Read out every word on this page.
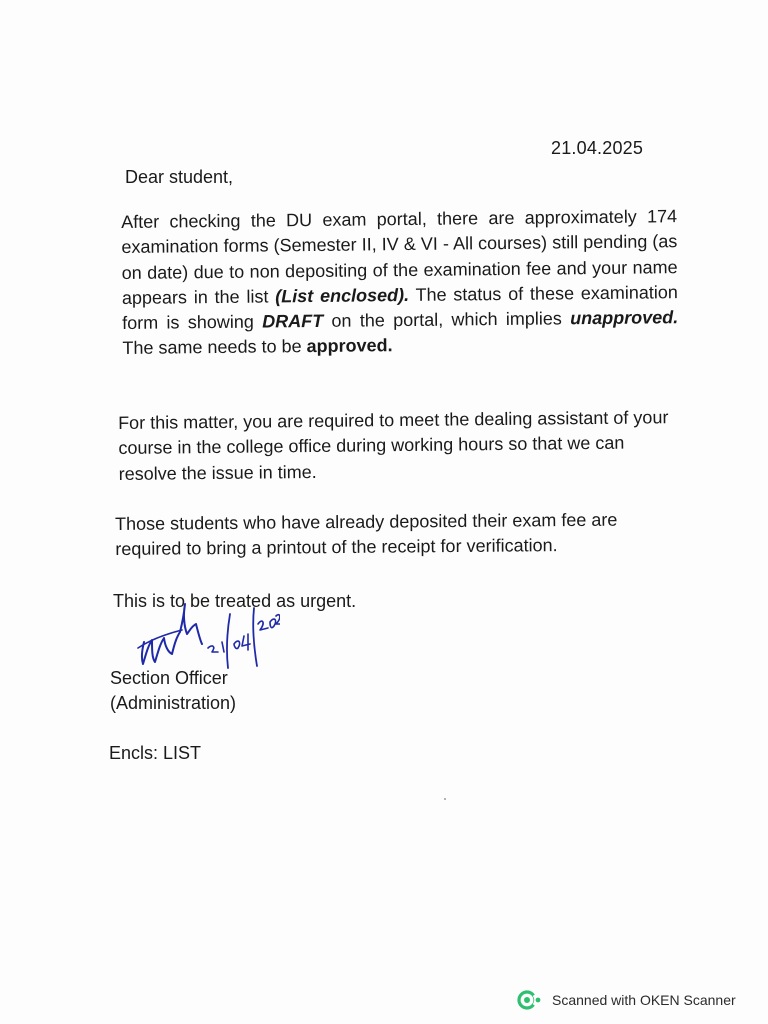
21.04.2025
Dear student,
After checking the DU exam portal, there are approximately 174 examination forms (Semester II, IV & VI - All courses) still pending (as on date) due to non depositing of the examination fee and your name appears in the list (List enclosed). The status of these examination form is showing DRAFT on the portal, which implies unapproved. The same needs to be approved.
For this matter, you are required to meet the dealing assistant of your course in the college office during working hours so that we can resolve the issue in time.
Those students who have already deposited their exam fee are required to bring a printout of the receipt for verification.
This is to be treated as urgent.
Section Officer
(Administration)
Encls: LIST
Scanned with OKEN Scanner
